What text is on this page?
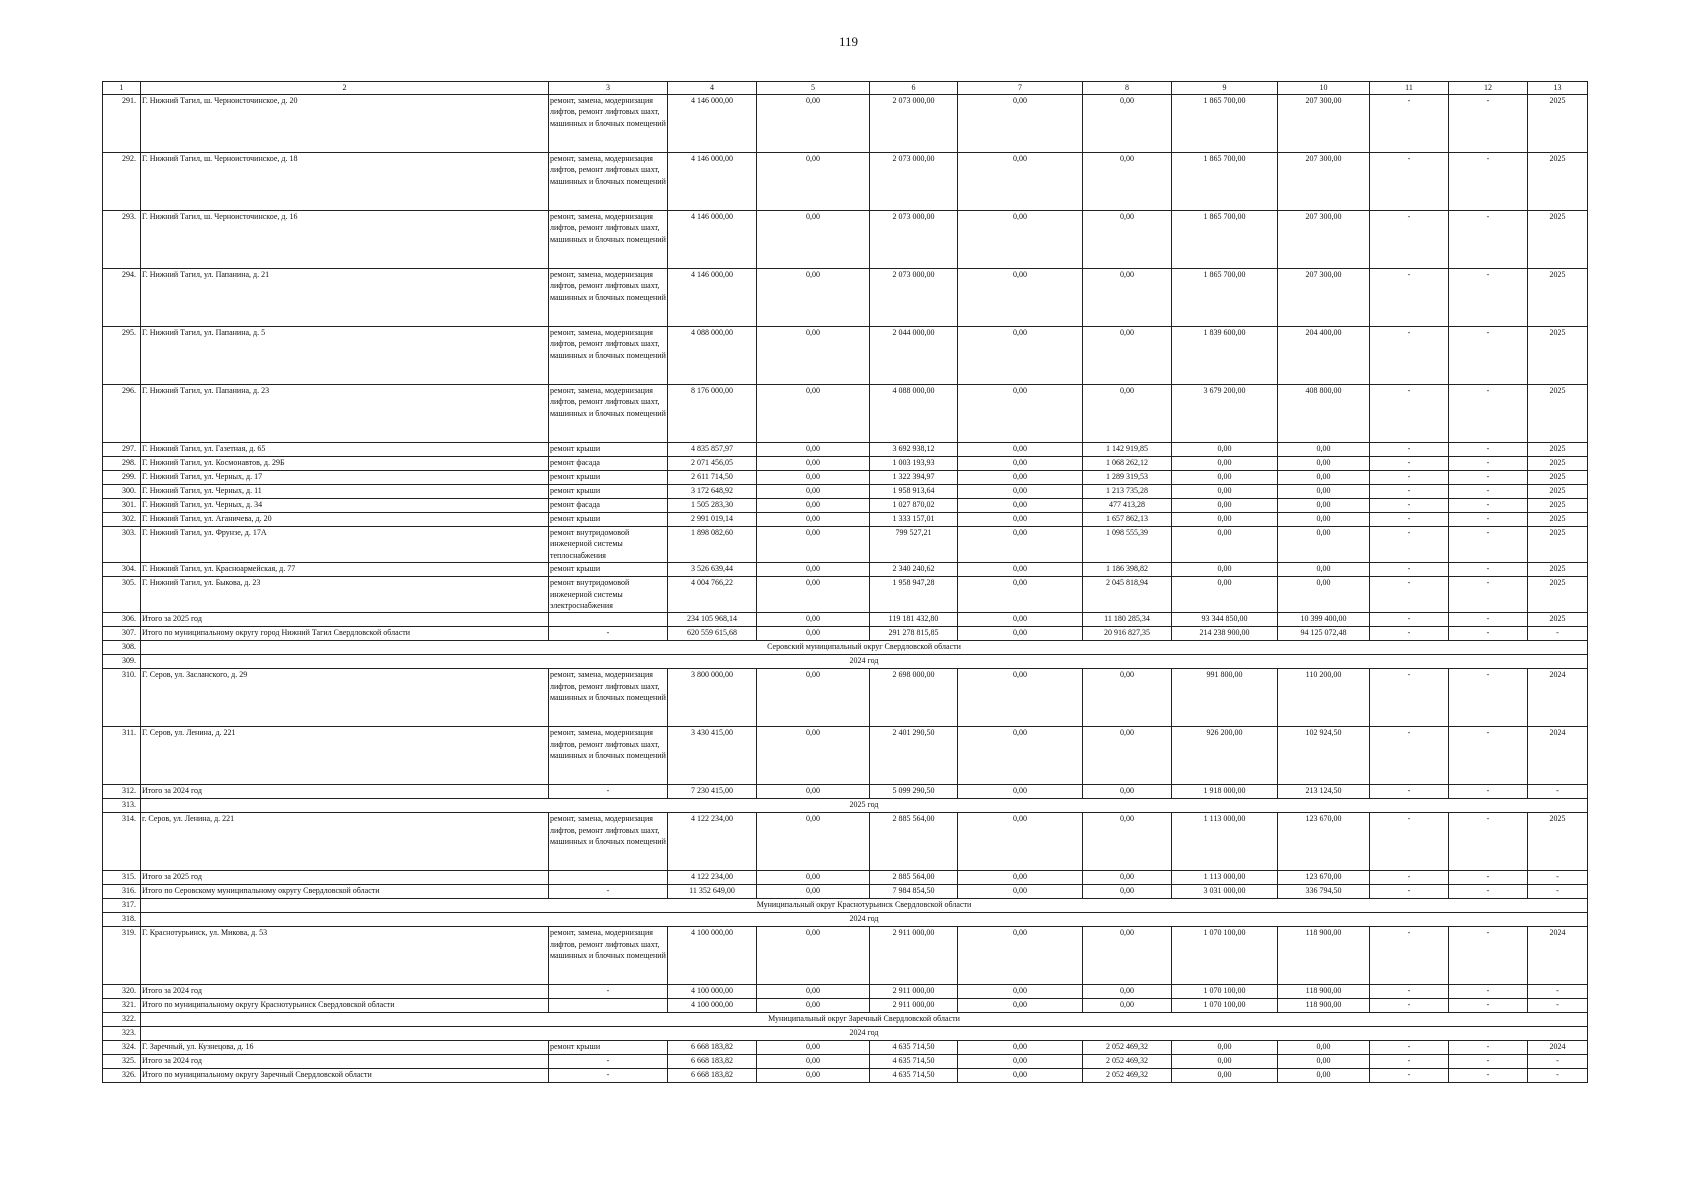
119
1	2	3	4	5	6	7	8	9	10	11	12	13
291.	Г. Нижний Тагил, ш. Черноисточинское, д. 20	ремонт, замена, модернизация лифтов, ремонт лифтовых шахт, машинных и блочных помещений	4 146 000,00	0,00	2 073 000,00	0,00	0,00	1 865 700,00	207 300,00	-	-	2025
292.	Г. Нижний Тагил, ш. Черноисточинское, д. 18	ремонт, замена, модернизация лифтов, ремонт лифтовых шахт, машинных и блочных помещений	4 146 000,00	0,00	2 073 000,00	0,00	0,00	1 865 700,00	207 300,00	-	-	2025
293.	Г. Нижний Тагил, ш. Черноисточинское, д. 16	ремонт, замена, модернизация лифтов, ремонт лифтовых шахт, машинных и блочных помещений	4 146 000,00	0,00	2 073 000,00	0,00	0,00	1 865 700,00	207 300,00	-	-	2025
294.	Г. Нижний Тагил, ул. Папанина, д. 21	ремонт, замена, модернизация лифтов, ремонт лифтовых шахт, машинных и блочных помещений	4 146 000,00	0,00	2 073 000,00	0,00	0,00	1 865 700,00	207 300,00	-	-	2025
295.	Г. Нижний Тагил, ул. Папанина, д. 5	ремонт, замена, модернизация лифтов, ремонт лифтовых шахт, машинных и блочных помещений	4 088 000,00	0,00	2 044 000,00	0,00	0,00	1 839 600,00	204 400,00	-	-	2025
296.	Г. Нижний Тагил, ул. Папанина, д. 23	ремонт, замена, модернизация лифтов, ремонт лифтовых шахт, машинных и блочных помещений	8 176 000,00	0,00	4 088 000,00	0,00	0,00	3 679 200,00	408 800,00	-	-	2025
297.	Г. Нижний Тагил, ул. Газетная, д. 65	ремонт крыши	4 835 857,97	0,00	3 692 938,12	0,00	1 142 919,85	0,00	0,00	-	-	2025
298.	Г. Нижний Тагил, ул. Космонавтов, д. 29Б	ремонт фасада	2 071 456,05	0,00	1 003 193,93	0,00	1 068 262,12	0,00	0,00	-	-	2025
299.	Г. Нижний Тагил, ул. Черных, д. 17	ремонт крыши	2 611 714,50	0,00	1 322 394,97	0,00	1 289 319,53	0,00	0,00	-	-	2025
300.	Г. Нижний Тагил, ул. Черных, д. 11	ремонт крыши	3 172 648,92	0,00	1 958 913,64	0,00	1 213 735,28	0,00	0,00	-	-	2025
301.	Г. Нижний Тагил, ул. Черных, д. 34	ремонт фасада	1 505 283,30	0,00	1 027 870,02	0,00	477 413,28	0,00	0,00	-	-	2025
302.	Г. Нижний Тагил, ул. Аганичева, д. 20	ремонт крыши	2 991 019,14	0,00	1 333 157,01	0,00	1 657 862,13	0,00	0,00	-	-	2025
303.	Г. Нижний Тагил, ул. Фрунзе, д. 17А	ремонт внутридомовой инженерной системы теплоснабжения	1 898 082,60	0,00	799 527,21	0,00	1 098 555,39	0,00	0,00	-	-	2025
304.	Г. Нижний Тагил, ул. Красноармейская, д. 77	ремонт крыши	3 526 639,44	0,00	2 340 240,62	0,00	1 186 398,82	0,00	0,00	-	-	2025
305.	Г. Нижний Тагил, ул. Быкова, д. 23	ремонт внутридомовой инженерной системы электроснабжения	4 004 766,22	0,00	1 958 947,28	0,00	2 045 818,94	0,00	0,00	-	-	2025
306.	Итого за 2025 год		234 105 968,14	0,00	119 181 432,80	0,00	11 180 285,34	93 344 850,00	10 399 400,00	-	-	2025
307.	Итого по муниципальному округу город Нижний Тагил Свердловской области	-	620 559 615,68	0,00	291 278 815,85	0,00	20 916 827,35	214 238 900,00	94 125 072,48	-	-	-
308.	Серовский муниципальный округ Свердловской области											
309.	2024 год											
310.	Г. Серов, ул. Засланского, д. 29	ремонт, замена, модернизация лифтов, ремонт лифтовых шахт, машинных и блочных помещений	3 800 000,00	0,00	2 698 000,00	0,00	0,00	991 800,00	110 200,00	-	-	2024
311.	Г. Серов, ул. Ленина, д. 221	ремонт, замена, модернизация лифтов, ремонт лифтовых шахт, машинных и блочных помещений	3 430 415,00	0,00	2 401 290,50	0,00	0,00	926 200,00	102 924,50	-	-	2024
312.	Итого за 2024 год	-	7 230 415,00	0,00	5 099 290,50	0,00	0,00	1 918 000,00	213 124,50	-	-	-
313.	2025 год											
314.	г. Серов, ул. Ленина, д. 221	ремонт, замена, модернизация лифтов, ремонт лифтовых шахт, машинных и блочных помещений	4 122 234,00	0,00	2 885 564,00	0,00	0,00	1 113 000,00	123 670,00	-	-	2025
315.	Итого за 2025 год		4 122 234,00	0,00	2 885 564,00	0,00	0,00	1 113 000,00	123 670,00	-	-	-
316.	Итого по Серовскому муниципальному округу Свердловской области	-	11 352 649,00	0,00	7 984 854,50	0,00	0,00	3 031 000,00	336 794,50	-	-	-
317.	Муниципальный округ Краснотурьинск Свердловской области											
318.	2024 год											
319.	Г. Краснотурьинск, ул. Микова, д. 53	ремонт, замена, модернизация лифтов, ремонт лифтовых шахт, машинных и блочных помещений	4 100 000,00	0,00	2 911 000,00	0,00	0,00	1 070 100,00	118 900,00	-	-	2024
320.	Итого за 2024 год	-	4 100 000,00	0,00	2 911 000,00	0,00	0,00	1 070 100,00	118 900,00	-	-	-
321.	Итого по муниципальному округу Краснотурьинск Свердловской области		4 100 000,00	0,00	2 911 000,00	0,00	0,00	1 070 100,00	118 900,00	-	-	-
322.	Муниципальный округ Заречный Свердловской области											
323.	2024 год											
324.	Г. Заречный, ул. Кузнецова, д. 16	ремонт крыши	6 668 183,82	0,00	4 635 714,50	0,00	2 052 469,32	0,00	0,00	-	-	2024
325.	Итого за 2024 год	-	6 668 183,82	0,00	4 635 714,50	0,00	2 052 469,32	0,00	0,00	-	-	-
326.	Итого по муниципальному округу Заречный Свердловской области	-	6 668 183,82	0,00	4 635 714,50	0,00	2 052 469,32	0,00	0,00	-	-	-
